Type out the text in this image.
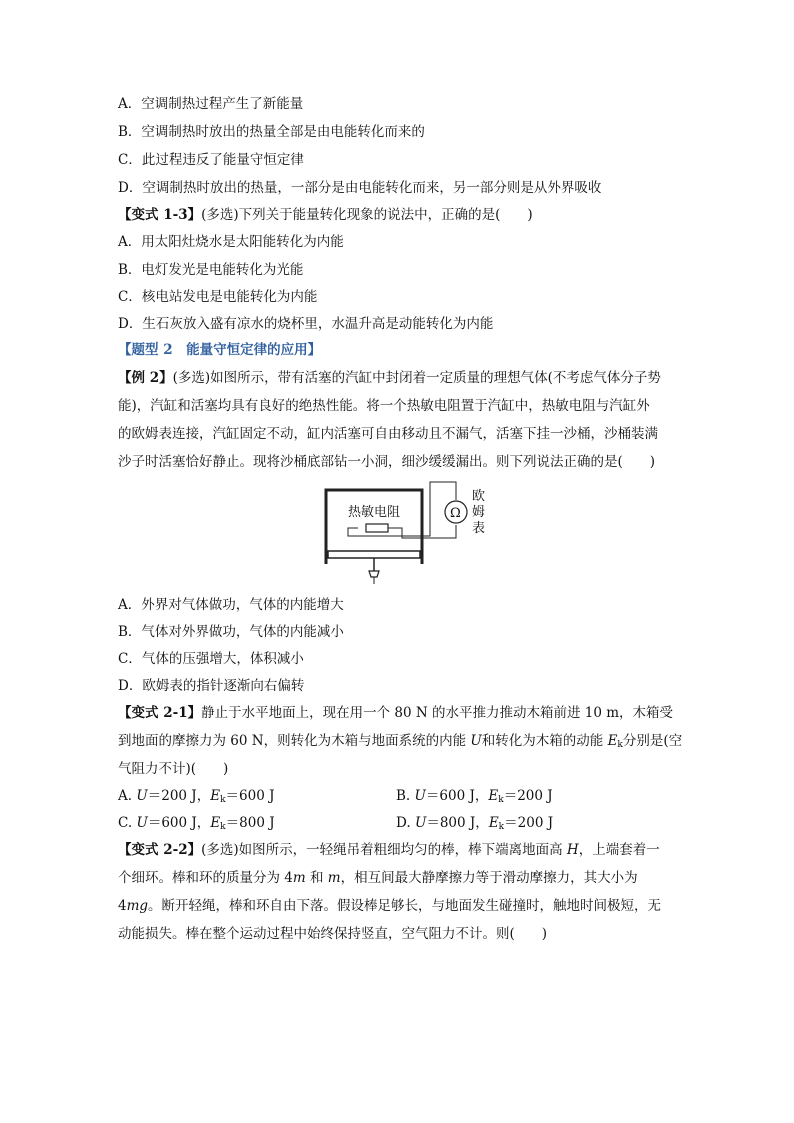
A．空调制热过程产生了新能量
B．空调制热时放出的热量全部是由电能转化而来的
C．此过程违反了能量守恒定律
D．空调制热时放出的热量，一部分是由电能转化而来，另一部分则是从外界吸收
【变式 1-3】(多选)下列关于能量转化现象的说法中，正确的是(　　)
A．用太阳灶烧水是太阳能转化为内能
B．电灯发光是电能转化为光能
C．核电站发电是电能转化为内能
D．生石灰放入盛有凉水的烧杯里，水温升高是动能转化为内能
【题型 2　能量守恒定律的应用】
【例 2】(多选)如图所示，带有活塞的汽缸中封闭着一定质量的理想气体(不考虑气体分子势
能)，汽缸和活塞均具有良好的绝热性能。将一个热敏电阻置于汽缸中，热敏电阻与汽缸外
的欧姆表连接，汽缸固定不动，缸内活塞可自由移动且不漏气，活塞下挂一沙桶，沙桶装满
沙子时活塞恰好静止。现将沙桶底部钻一小洞，细沙缓缓漏出。则下列说法正确的是(　　)
热敏电阻	Ω
欧
姆
表
A．外界对气体做功，气体的内能增大
B．气体对外界做功，气体的内能减小
C．气体的压强增大，体积减小
D．欧姆表的指针逐渐向右偏转
【变式 2-1】静止于水平地面上，现在用一个 80 N 的水平推力推动木箱前进 10 m，木箱受
到地面的摩擦力为 60 N，则转化为木箱与地面系统的内能 U和转化为木箱的动能 $E_k$分别是(空
气阻力不计)(　　)
A. U＝200 J，$E_k=600$ J	B. U＝600 J，$E_k=200$ J
C. U＝600 J，$E_k=800$ J	D. U＝800 J，$E_k=200$ J
【变式 2-2】(多选)如图所示，一轻绳吊着粗细均匀的棒，棒下端离地面高 H，上端套着一
个细环。棒和环的质量分为 4m 和 m，相互间最大静摩擦力等于滑动摩擦力，其大小为
4mg。断开轻绳，棒和环自由下落。假设棒足够长，与地面发生碰撞时，触地时间极短，无
动能损失。棒在整个运动过程中始终保持竖直，空气阻力不计。则(　　)
